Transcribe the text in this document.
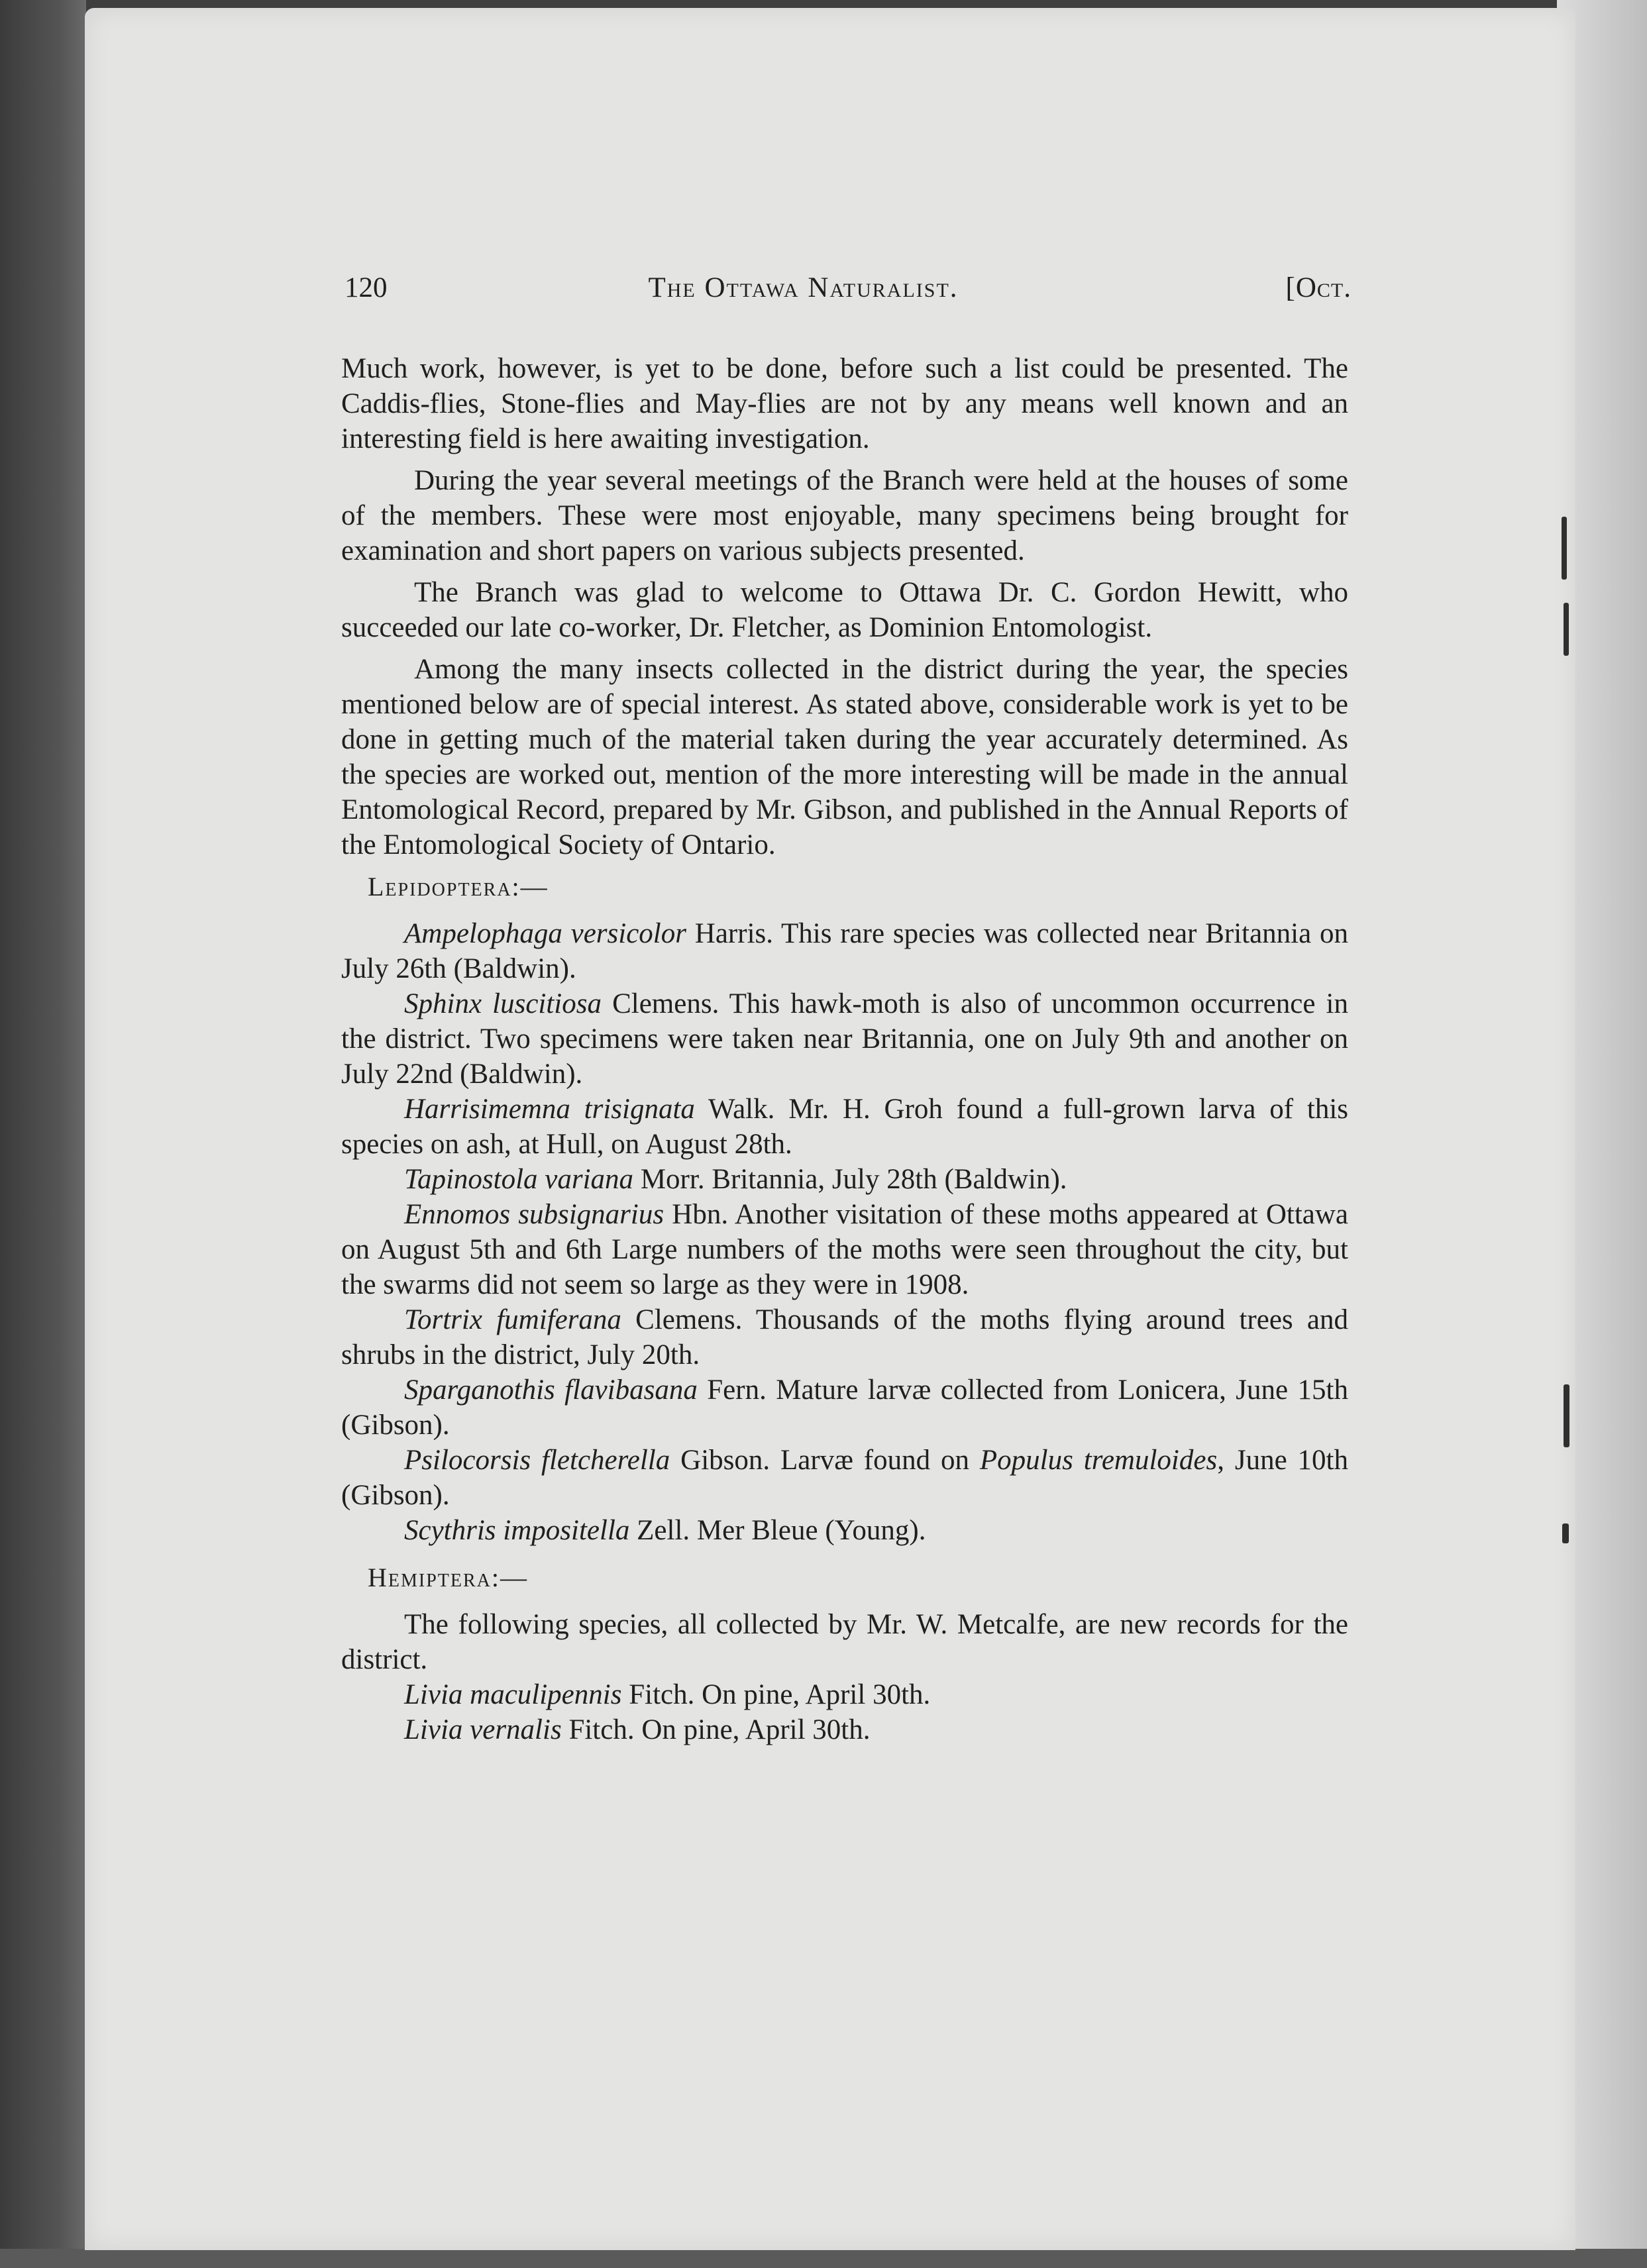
120	The Ottawa Naturalist.	[Oct.

Much work, however, is yet to be done, before such a list could be presented. The Caddis-flies, Stone-flies and May-flies are not by any means well known and an interesting field is here awaiting investigation.

During the year several meetings of the Branch were held at the houses of some of the members. These were most enjoyable, many specimens being brought for examination and short papers on various subjects presented.

The Branch was glad to welcome to Ottawa Dr. C. Gordon Hewitt, who succeeded our late co-worker, Dr. Fletcher, as Dominion Entomologist.

Among the many insects collected in the district during the year, the species mentioned below are of special interest. As stated above, considerable work is yet to be done in getting much of the material taken during the year accurately determined. As the species are worked out, mention of the more interesting will be made in the annual Entomological Record, prepared by Mr. Gibson, and published in the Annual Reports of the Entomological Society of Ontario.

Lepidoptera:—

Ampelophaga versicolor Harris. This rare species was collected near Britannia on July 26th (Baldwin).

Sphinx luscitiosa Clemens. This hawk-moth is also of uncommon occurrence in the district. Two specimens were taken near Britannia, one on July 9th and another on July 22nd (Baldwin).

Harrisimemna trisignata Walk. Mr. H. Groh found a full-grown larva of this species on ash, at Hull, on August 28th.

Tapinostola variana Morr. Britannia, July 28th (Baldwin).

Ennomos subsignarius Hbn. Another visitation of these moths appeared at Ottawa on August 5th and 6th Large numbers of the moths were seen throughout the city, but the swarms did not seem so large as they were in 1908.

Tortrix fumiferana Clemens. Thousands of the moths flying around trees and shrubs in the district, July 20th.

Sparganothis flavibasana Fern. Mature larvæ collected from Lonicera, June 15th (Gibson).

Psilocorsis fletcherella Gibson. Larvæ found on Populus tremuloides, June 10th (Gibson).

Scythris impositella Zell. Mer Bleue (Young).

Hemiptera:—

The following species, all collected by Mr. W. Metcalfe, are new records for the district.

Livia maculipennis Fitch. On pine, April 30th.

Livia vernalis Fitch. On pine, April 30th.
